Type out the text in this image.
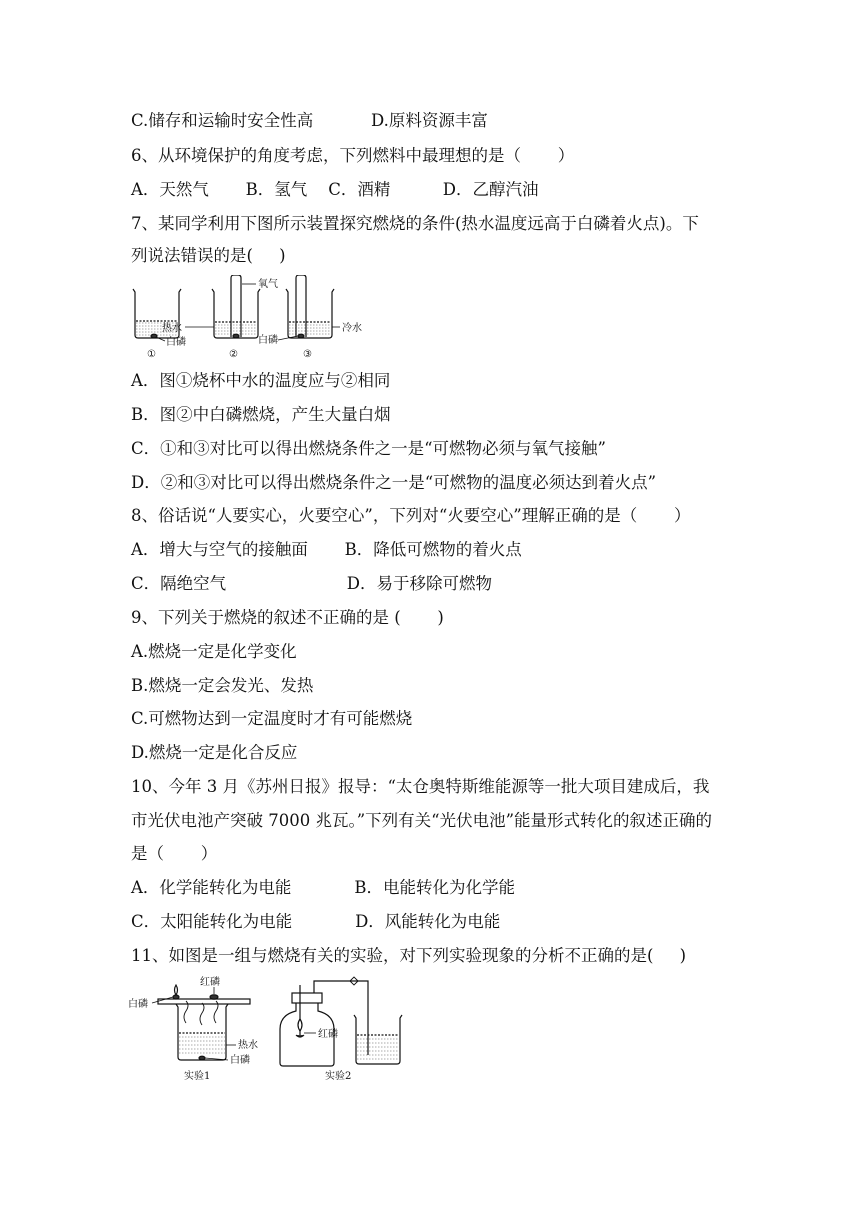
C.储存和运输时安全性高           D.原料资源丰富
6、从环境保护的角度考虑，下列燃料中最理想的是（       ）
A．天然气       B．氢气    C．酒精          D．乙醇汽油
7、某同学利用下图所示装置探究燃烧的条件(热水温度远高于白磷着火点)。下
列说法错误的是(     )
氧气
热水
白磷	白磷
冷水
①	②	③
A．图①烧杯中水的温度应与②相同
B．图②中白磷燃烧，产生大量白烟
C．①和③对比可以得出燃烧条件之一是“可燃物必须与氧气接触”
D．②和③对比可以得出燃烧条件之一是“可燃物的温度必须达到着火点”
8、俗话说“人要实心，火要空心”，下列对“火要空心”理解正确的是（       ）
A．增大与空气的接触面       B．降低可燃物的着火点
C．隔绝空气                       D．易于移除可燃物
9、下列关于燃烧的叙述不正确的是 (       )
A.燃烧一定是化学变化
B.燃烧一定会发光、发热
C.可燃物达到一定温度时才有可能燃烧
D.燃烧一定是化合反应
10、今年 3 月《苏州日报》报导：“太仓奥特斯维能源等一批大项目建成后，我
市光伏电池产突破 7000 兆瓦。”下列有关“光伏电池”能量形式转化的叙述正确的
是（       ）
A．化学能转化为电能            B．电能转化为化学能
C．太阳能转化为电能            D．风能转化为电能
11、如图是一组与燃烧有关的实验，对下列实验现象的分析不正确的是(     )
白磷
红磷
热水
白磷
实验1
红磷
实验2
